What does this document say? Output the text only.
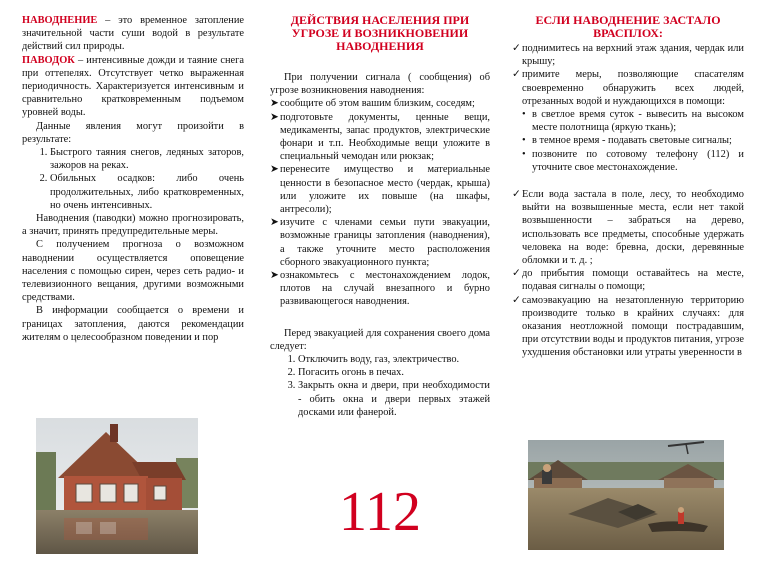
НАВОДНЕНИЕ – это временное затопление значительной части суши водой в результате действий сил природы.

ПАВОДОК – интенсивные дожди и таяние снега при оттепелях. Отсутствует четко выраженная периодичность. Характеризуется интенсивным и сравнительно кратковременным подъемом уровней воды.

Данные явления могут произойти в результате:

1. Быстрого таяния снегов, ледяных заторов, зажоров на реках.
2. Обильных осадков: либо очень продолжительных, либо кратковременных, но очень интенсивных.

Наводнения (паводки) можно прогнозировать, а значит, принять предупредительные меры.

С получением прогноза о возможном наводнении осуществляется оповещение населения с помощью сирен, через сеть радио- и телевизионного вещания, другими возможными средствами.

В информации сообщается о времени и границах затопления, даются рекомендации жителям о целесообразном поведении и пор

ДЕЙСТВИЯ НАСЕЛЕНИЯ ПРИ УГРОЗЕ И ВОЗНИКНОВЕНИИ НАВОДНЕНИЯ

При получении сигнала ( сообщения) об угрозе возникновения наводнения:

➤ сообщите об этом вашим близким, соседям;
➤ подготовьте документы, ценные вещи, медикаменты, запас продуктов, электрические фонари и т.п. Необходимые вещи уложите в специальный чемодан или рюкзак;
➤ перенесите имущество и материальные ценности в безопасное место (чердак, крыша) или уложите их повыше (на шкафы, антресоли);
➤ изучите с членами семьи пути эвакуации, возможные границы затопления (наводнения), а также уточните место расположения сборного эвакуационного пункта;
➤ ознакомьтесь с местонахождением лодок, плотов на случай внезапного и бурно развивающегося наводнения.

Перед эвакуацией для сохранения своего дома следует:

1. Отключить воду, газ, электричество.
2. Погасить огонь в печах.
3. Закрыть окна и двери, при необходимости - обить окна и двери первых этажей досками или фанерой.
112
ЕСЛИ НАВОДНЕНИЕ ЗАСТАЛО ВРАСПЛОХ:
✓ поднимитесь на верхний этаж здания, чердак или крышу;
✓ примите меры, позволяющие спасателям своевременно обнаружить всех людей, отрезанных водой и нуждающихся в помощи:
• в светлое время суток - вывесить на высоком месте полотнища (яркую ткань);
• в темное время - подавать световые сигналы;
• позвоните по сотовому телефону (112) и уточните свое местонахождение.
✓ Если вода застала в поле, лесу, то необходимо выйти на возвышенные места, если нет такой возвышенности – забраться на дерево, использовать все предметы, способные удержать человека на воде: бревна, доски, деревянные обломки и т. д. ;
✓ до прибытия помощи оставайтесь на месте, подавая сигналы о помощи;
✓ самоэвакуацию на незатопленную территорию производите только в крайних случаях: для оказания неотложной помощи пострадавшим, при отсутствии воды и продуктов питания, угрозе ухудшения обстановки или утраты уверенности в
